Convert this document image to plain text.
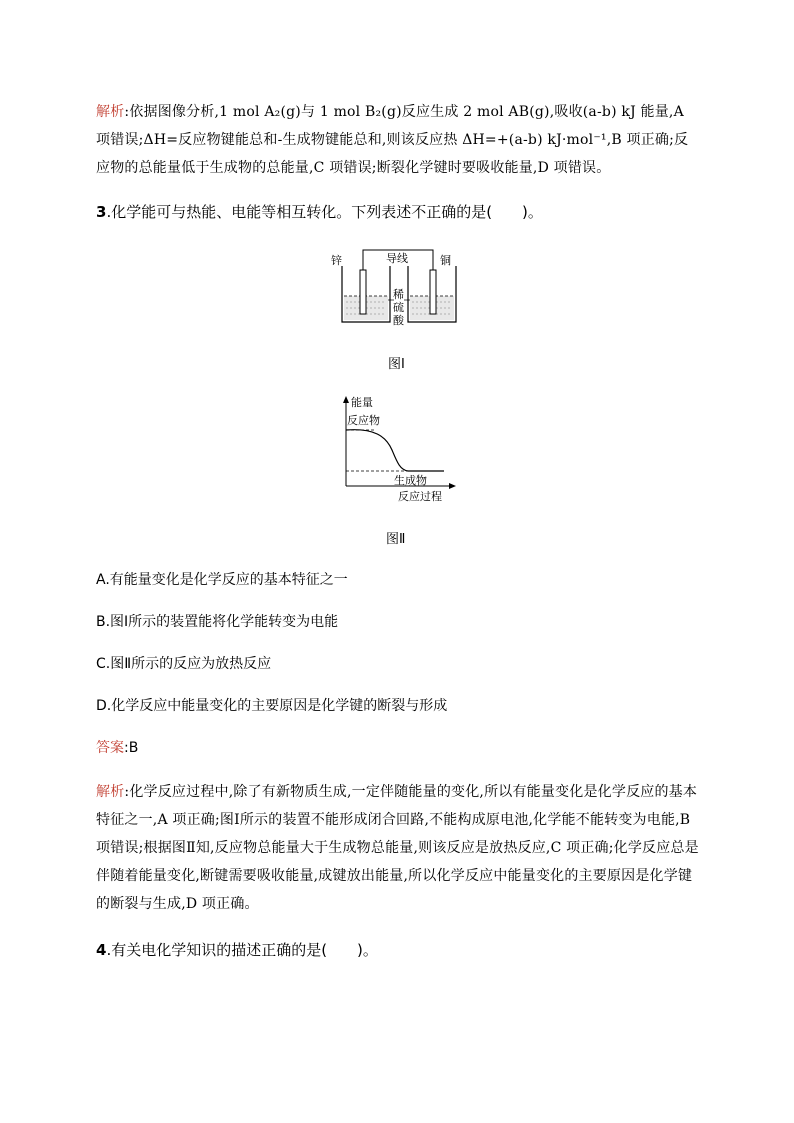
解析:依据图像分析,1 mol A₂(g)与 1 mol B₂(g)反应生成 2 mol AB(g),吸收(a-b) kJ 能量,A 项错误;ΔH=反应物键能总和-生成物键能总和,则该反应热 ΔH=+(a-b) kJ·mol⁻¹,B 项正确;反应物的总能量低于生成物的总能量,C 项错误;断裂化学键时要吸收能量,D 项错误。
3.化学能可与热能、电能等相互转化。下列表述不正确的是(　　)。
锌	铜
导线
稀
硫
酸
图Ⅰ
能量
反应物
生成物
反应过程
图Ⅱ
A.有能量变化是化学反应的基本特征之一
B.图Ⅰ所示的装置能将化学能转变为电能
C.图Ⅱ所示的反应为放热反应
D.化学反应中能量变化的主要原因是化学键的断裂与形成
答案:B
解析:化学反应过程中,除了有新物质生成,一定伴随能量的变化,所以有能量变化是化学反应的基本特征之一,A 项正确;图Ⅰ所示的装置不能形成闭合回路,不能构成原电池,化学能不能转变为电能,B 项错误;根据图Ⅱ知,反应物总能量大于生成物总能量,则该反应是放热反应,C 项正确;化学反应总是伴随着能量变化,断键需要吸收能量,成键放出能量,所以化学反应中能量变化的主要原因是化学键的断裂与生成,D 项正确。
4.有关电化学知识的描述正确的是(　　)。
